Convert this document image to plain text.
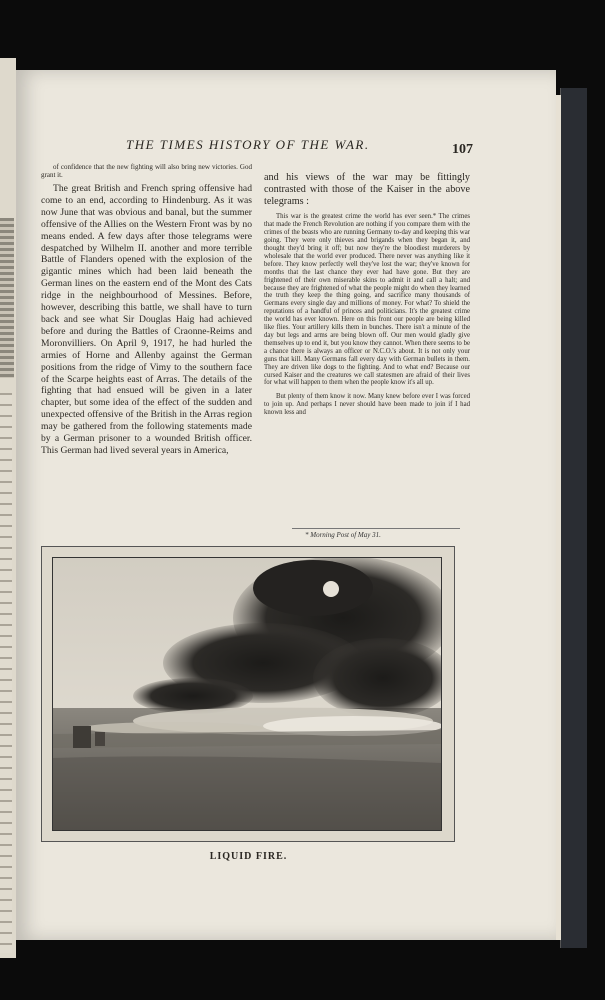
THE TIMES HISTORY OF THE WAR.	107

of confidence that the new fighting will also bring new victories. God grant it.

The great British and French spring offensive had come to an end, according to Hindenburg. As it was now June that was obvious and banal, but the summer offensive of the Allies on the Western Front was by no means ended. A few days after those telegrams were despatched by Wilhelm II. another and more terrible Battle of Flanders opened with the explosion of the gigantic mines which had been laid beneath the German lines on the eastern end of the Mont des Cats ridge in the neighbourhood of Messines. Before, however, describing this battle, we shall have to turn back and see what Sir Douglas Haig had achieved before and during the Battles of Craonne-Reims and Moronvilliers. On April 9, 1917, he had hurled the armies of Horne and Allenby against the German positions from the ridge of Vimy to the southern face of the Scarpe heights east of Arras. The details of the fighting that had ensued will be given in a later chapter, but some idea of the effect of the sudden and unexpected offensive of the British in the Arras region may be gathered from the following statements made by a German prisoner to a wounded British officer. This German had lived several years in America,

and his views of the war may be fittingly contrasted with those of the Kaiser in the above telegrams :

This war is the greatest crime the world has ever seen.* The crimes that made the French Revolution are nothing if you compare them with the crimes of the beasts who are running Germany to-day and keeping this war going. They were only thieves and brigands when they began it, and thought they'd bring it off; but now they're the bloodiest murderers by wholesale that the world ever produced. There never was anything like it before. They know perfectly well they've lost the war; they've known for months that the last chance they ever had have gone. But they are frightened of their own miserable skins to admit it and call a halt; and because they are frightened of what the people might do when they learned the truth they keep the thing going, and sacrifice many thousands of Germans every single day and millions of money. For what? To shield the reputations of a handful of princes and politicians. It's the greatest crime the world has ever known. Here on this front our people are being killed like flies. Your artillery kills them in bunches. There isn't a minute of the day but legs and arms are being blown off. Our men would gladly give themselves up to end it, but you know they cannot. When there seems to be a chance there is always an officer or N.C.O.'s about. It is not only your guns that kill. Many Germans fall every day with German bullets in them. They are driven like dogs to the fighting. And to what end? Because our cursed Kaiser and the creatures we call statesmen are afraid of their lives for what will happen to them when the people know it's all up.

But plenty of them know it now. Many knew before ever I was forced to join up. And perhaps I never should have been made to join if I had known less and

* Morning Post of May 31.
LIQUID FIRE.
